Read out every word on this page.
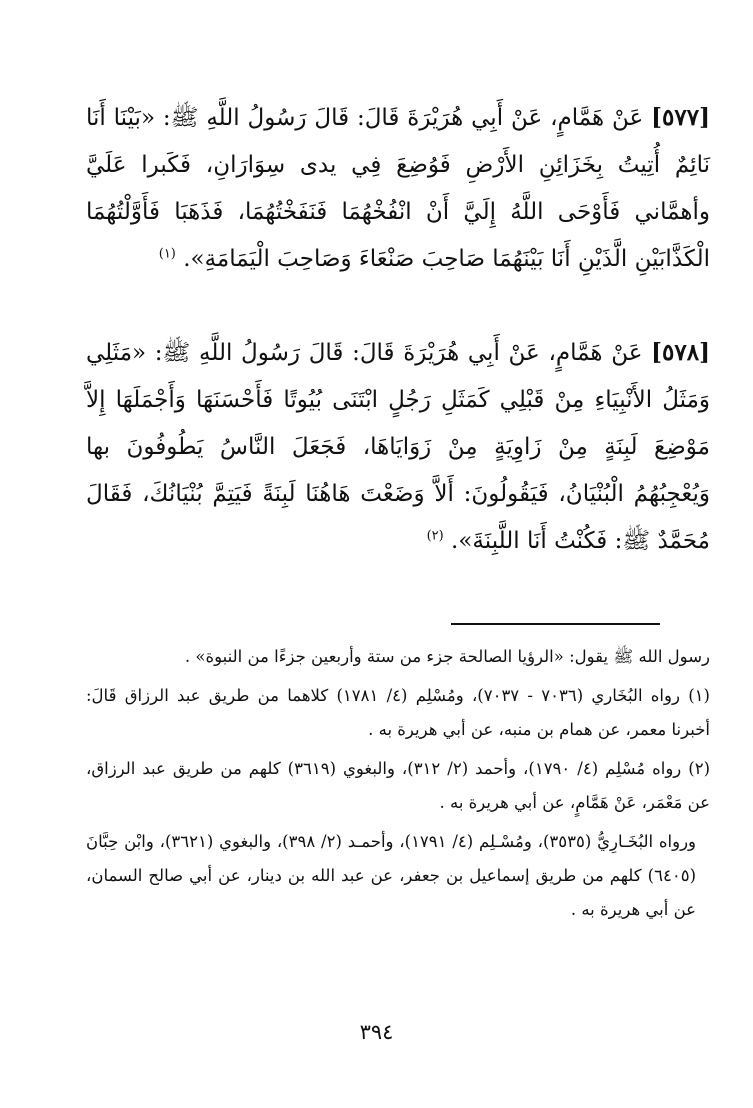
[٥٧٧] عَنْ هَمَّامٍ، عَنْ أَبِي هُرَيْرَةَ قَالَ: قَالَ رَسُولُ اللَّهِ ﷺ: «بَيْنَا أَنَا نَائِمٌ أُتِيتُ بِخَزَائِنِ الأَرْضِ فَوُضِعَ فِي يدى سِوَارَانِ، فَكَبرا عَلَيَّ وأهمَّاني فَأَوْحَى اللَّهُ إِلَيَّ أَنْ انْفُخْهُمَا فَنَفَخْتُهُمَا، فَذَهَبَا فَأَوَّلْتُهُمَا الْكَذَّابَيْنِ الَّذَيْنِ أَنَا بَيْنَهُمَا صَاحِبَ صَنْعَاءَ وَصَاحِبَ الْيَمَامَةِ». $^{(١)}$
[٥٧٨] عَنْ هَمَّامٍ، عَنْ أَبِي هُرَيْرَةَ قَالَ: قَالَ رَسُولُ اللَّهِ ﷺ: «مَثَلِي وَمَثَلُ الأَنْبِيَاءِ مِنْ قَبْلِي كَمَثَلِ رَجُلٍ ابْتَنَى بُيُوتًا فَأَحْسَنَهَا وَأَجْمَلَهَا إِلاَّ مَوْضِعَ لَبِنَةٍ مِنْ زَاوِيَةٍ مِنْ زَوَايَاهَا، فَجَعَلَ النَّاسُ يَطُوفُونَ بها وَيُعْجِبُهُمُ الْبُنْيَانُ، فَيَقُولُونَ: أَلاَّ وَضَعْتَ هَاهُنَا لَبِنَةً فَيَتِمَّ بُنْيَانُكَ، فَقَالَ مُحَمَّدٌ ﷺ: فَكُنْتُ أَنَا اللَّبِنَةَ». $^{(٢)}$

رسول الله ﷺ يقول: «الرؤيا الصالحة جزء من ستة وأربعين جزءًا من النبوة» .

(١) رواه البُخَاري (٧٠٣٦ - ٧٠٣٧)، ومُسْلِم (٤/ ١٧٨١) كلاهما من طريق عبد الرزاق قَالَ: أخبرنا معمر، عن همام بن منبه، عن أبي هريرة به .

(٢) رواه مُسْلِم (٤/ ١٧٩٠)، وأحمد (٢/ ٣١٢)، والبغوي (٣٦١٩) كلهم من طريق عبد الرزاق، عن مَعْمَر، عَنْ هَمَّامٍ، عن أبي هريرة به .

ورواه البُخَـارِيُّ (٣٥٣٥)، ومُسْـلِم (٤/ ١٧٩١)، وأحمـد (٢/ ٣٩٨)، والبغوي (٣٦٢١)، وابْن حِبَّانَ (٦٤٠٥) كلهم من طريق إسماعيل بن جعفر، عن عبد الله بن دينار، عن أبي صالح السمان، عن أبي هريرة به .

٣٩٤
